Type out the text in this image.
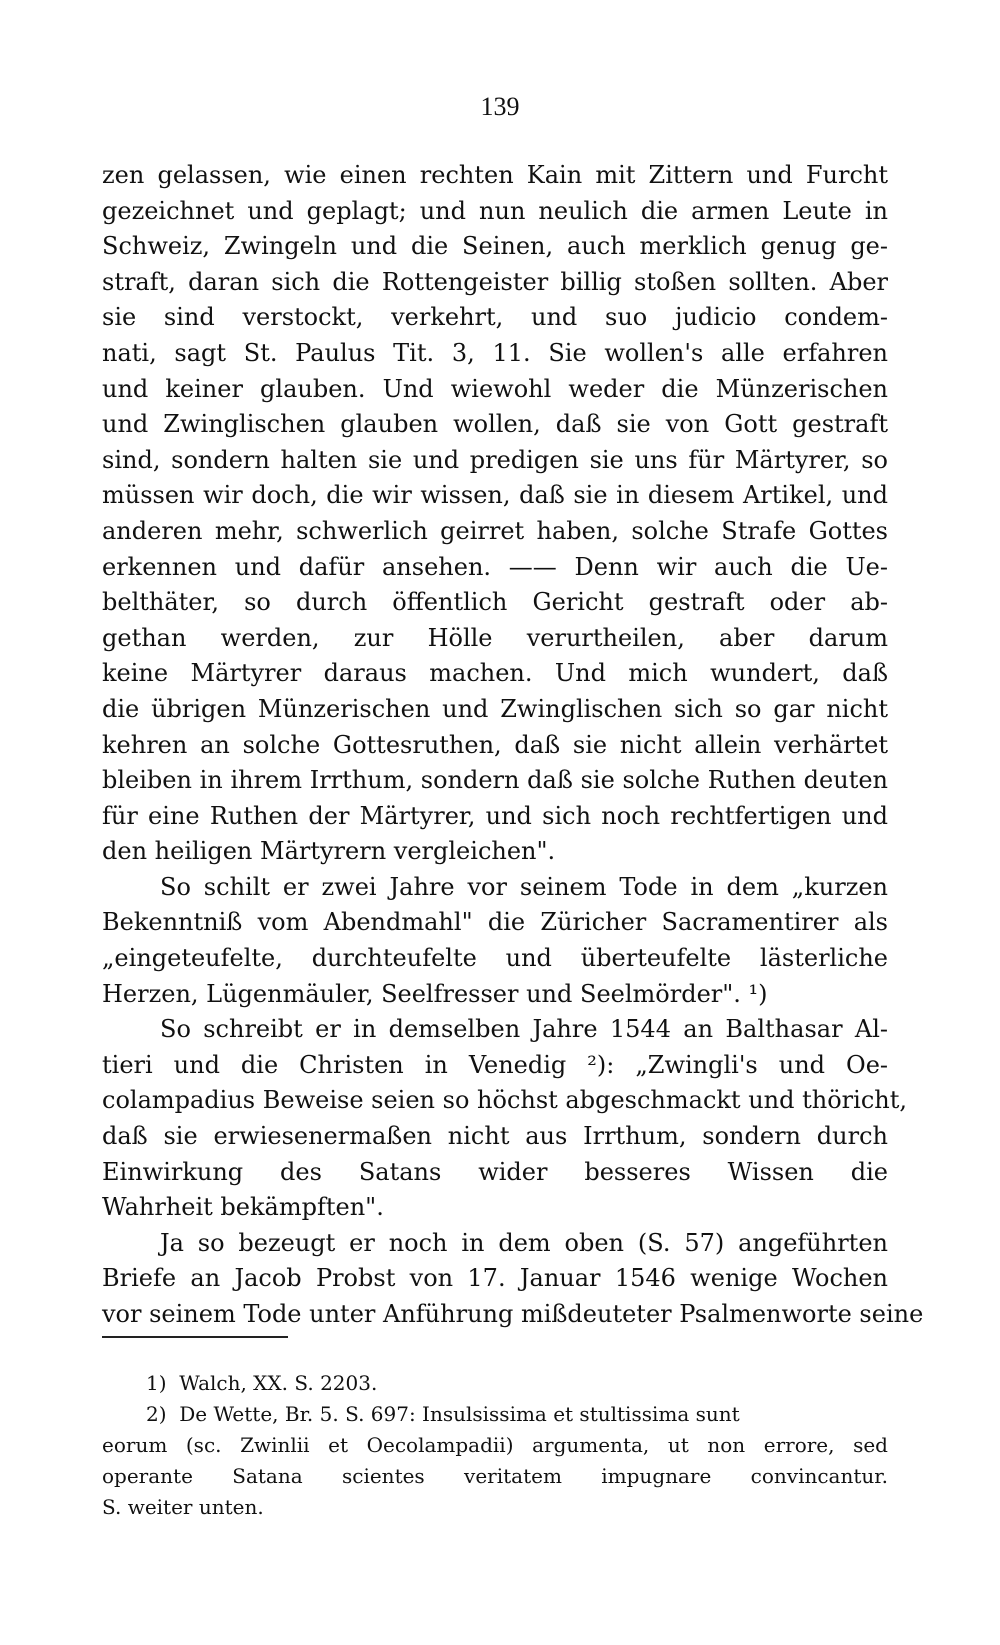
139
zen gelassen, wie einen rechten Kain mit Zittern und Furcht
gezeichnet und geplagt; und nun neulich die armen Leute in
Schweiz, Zwingeln und die Seinen, auch merklich genug ge-
straft, daran sich die Rottengeister billig stoßen sollten. Aber
sie sind verstockt, verkehrt, und suo judicio condem-
nati, sagt St. Paulus Tit. 3, 11. Sie wollen's alle erfahren
und keiner glauben. Und wiewohl weder die Münzerischen
und Zwinglischen glauben wollen, daß sie von Gott gestraft
sind, sondern halten sie und predigen sie uns für Märtyrer, so
müssen wir doch, die wir wissen, daß sie in diesem Artikel, und
anderen mehr, schwerlich geirret haben, solche Strafe Gottes
erkennen und dafür ansehen. —— Denn wir auch die Ue-
belthäter, so durch öffentlich Gericht gestraft oder ab-
gethan werden, zur Hölle verurtheilen, aber darum
keine Märtyrer daraus machen. Und mich wundert, daß
die übrigen Münzerischen und Zwinglischen sich so gar nicht
kehren an solche Gottesruthen, daß sie nicht allein verhärtet
bleiben in ihrem Irrthum, sondern daß sie solche Ruthen deuten
für eine Ruthen der Märtyrer, und sich noch rechtfertigen und
den heiligen Märtyrern vergleichen".
So schilt er zwei Jahre vor seinem Tode in dem „kurzen
Bekenntniß vom Abendmahl" die Züricher Sacramentirer als
„eingeteufelte, durchteufelte und überteufelte lästerliche
Herzen, Lügenmäuler, Seelfresser und Seelmörder". ¹)
So schreibt er in demselben Jahre 1544 an Balthasar Al-
tieri und die Christen in Venedig ²): „Zwingli's und Oe-
colampadius Beweise seien so höchst abgeschmackt und thöricht,
daß sie erwiesenermaßen nicht aus Irrthum, sondern durch
Einwirkung des Satans wider besseres Wissen die
Wahrheit bekämpften".
Ja so bezeugt er noch in dem oben (S. 57) angeführten
Briefe an Jacob Probst von 17. Januar 1546 wenige Wochen
vor seinem Tode unter Anführung mißdeuteter Psalmenworte seine
1) Walch, XX. S. 2203.
2) De Wette, Br. 5. S. 697: Insulsissima et stultissima sunt
eorum (sc. Zwinlii et Oecolampadii) argumenta, ut non errore, sed
operante Satana scientes veritatem impugnare convincantur.
S. weiter unten.
